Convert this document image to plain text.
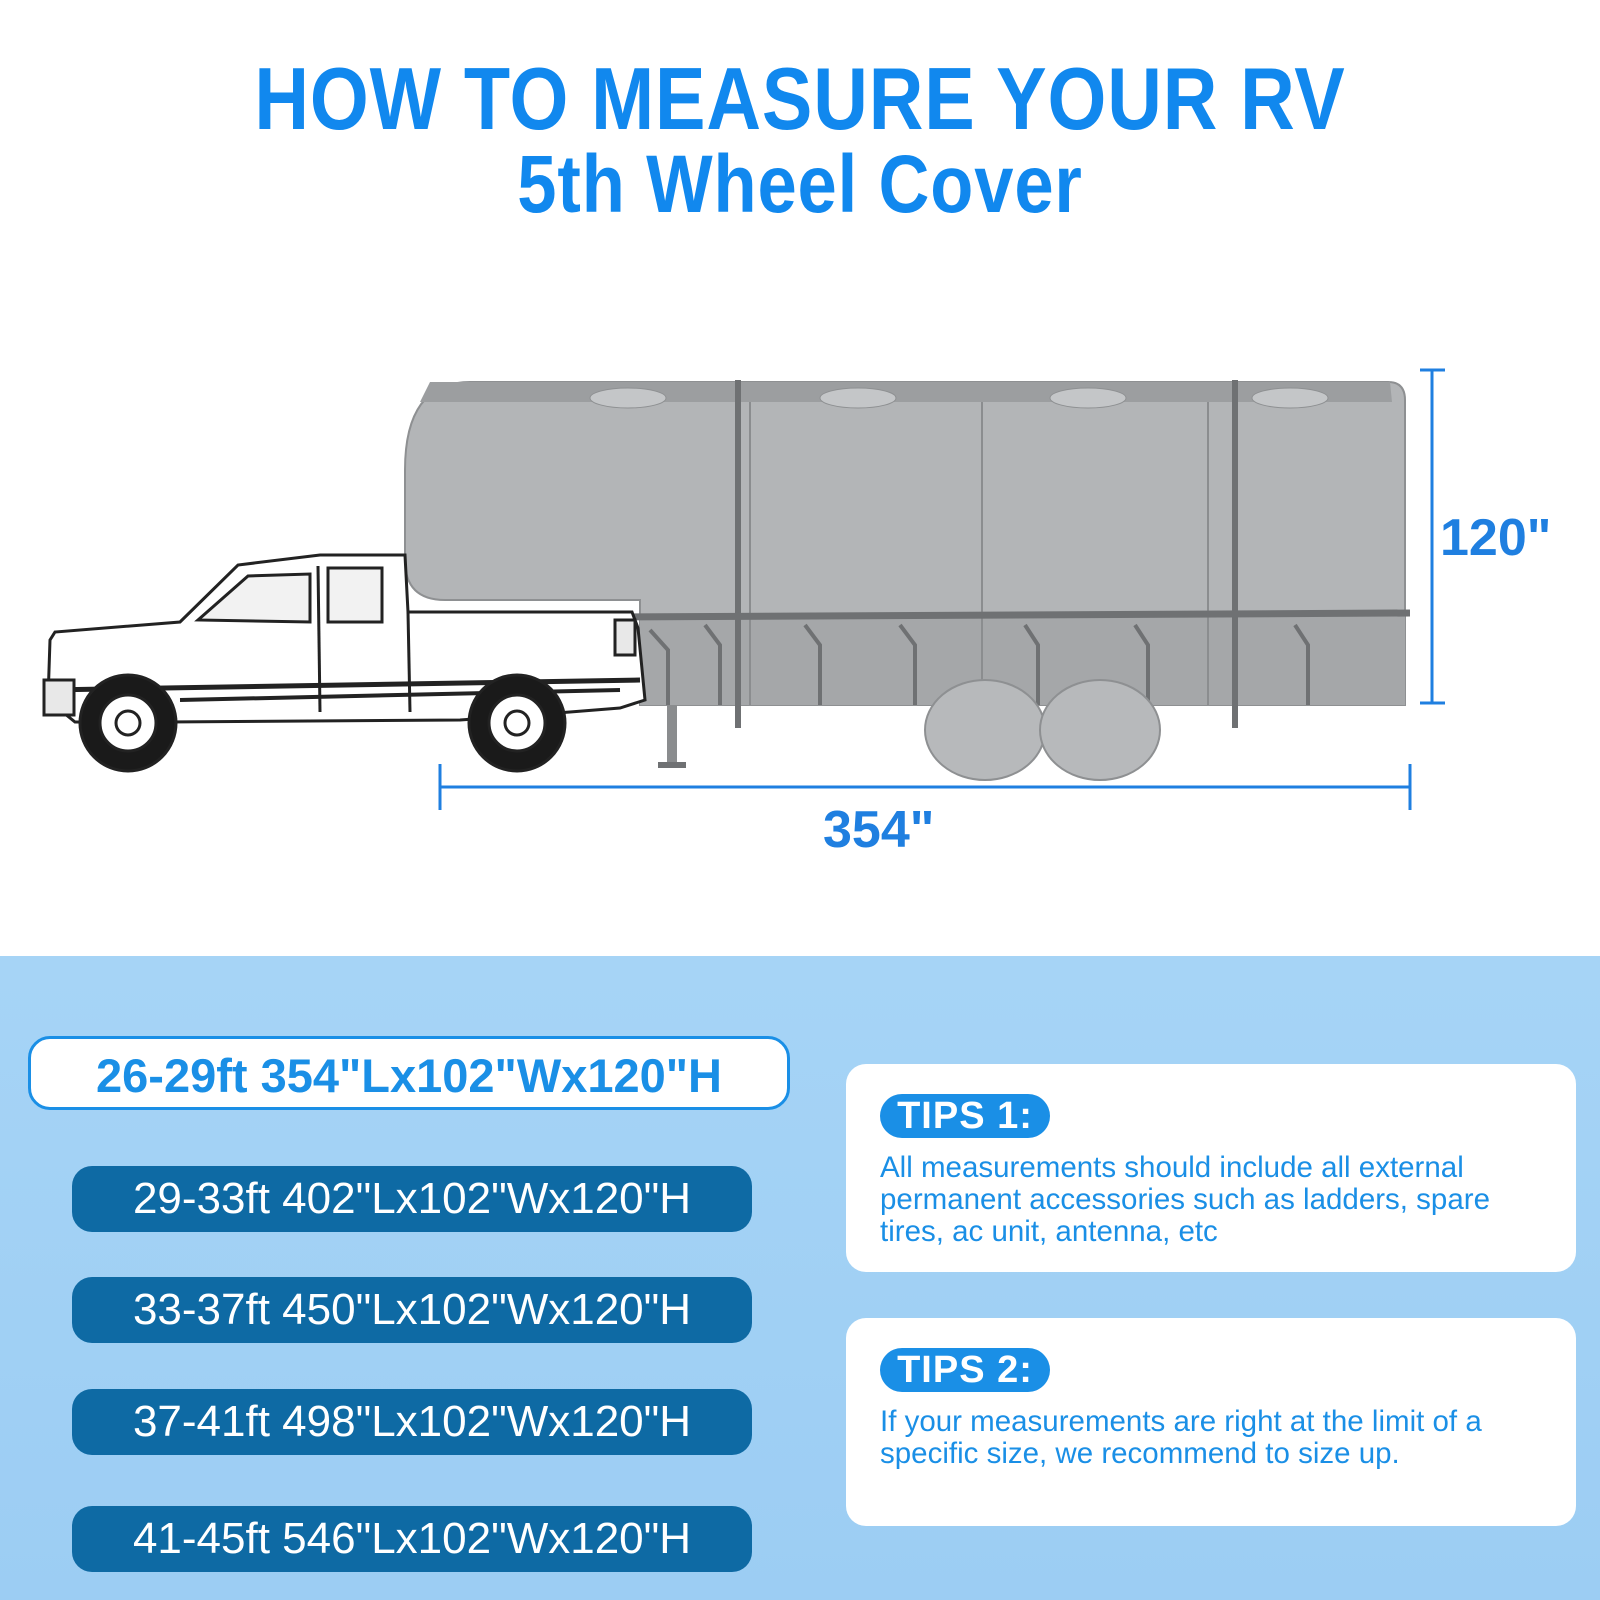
HOW TO MEASURE YOUR RV
5th Wheel Cover
120"
354"
26-29ft 354"Lx102"Wx120"H
29-33ft 402"Lx102"Wx120"H
33-37ft 450"Lx102"Wx120"H
37-41ft 498"Lx102"Wx120"H
41-45ft 546"Lx102"Wx120"H
TIPS 1:
All measurements should include all external permanent accessories such as ladders, spare tires, ac unit, antenna, etc
TIPS 2:
If your measurements are right at the limit of a specific size, we recommend to size up.
